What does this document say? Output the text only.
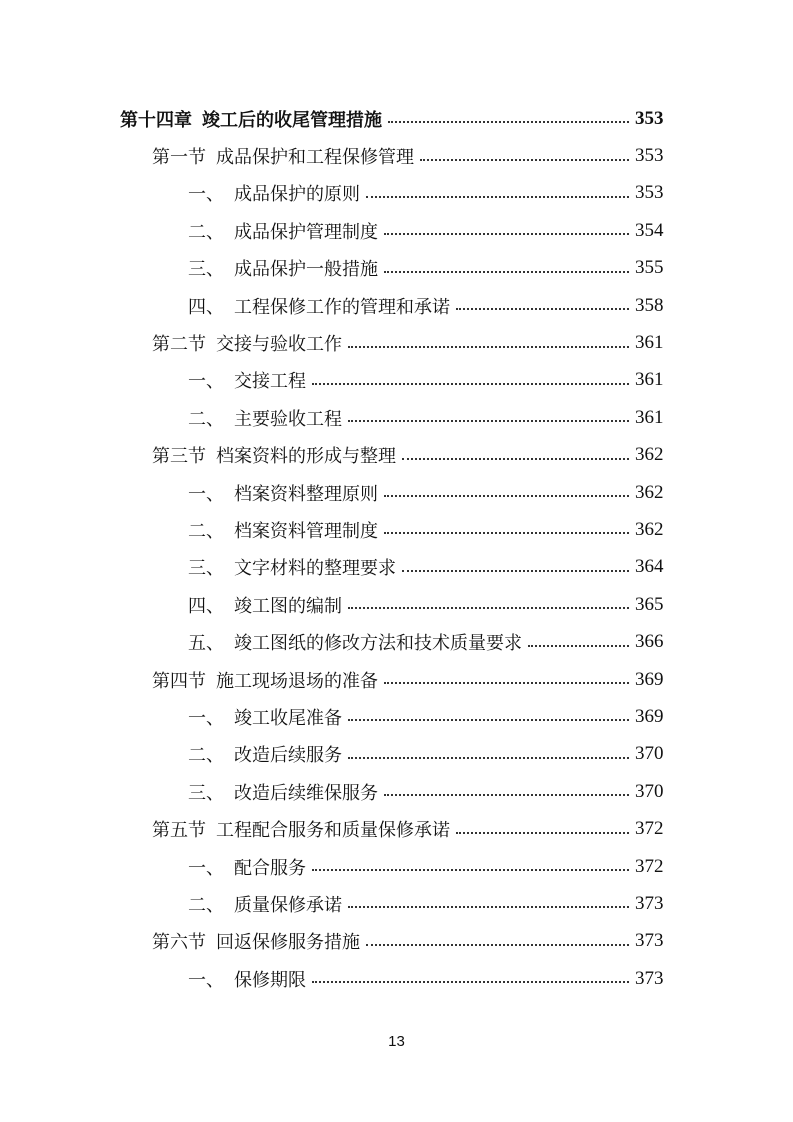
第十四章 竣工后的收尾管理措施	353
第一节 成品保护和工程保修管理	353
一、 成品保护的原则	353
二、 成品保护管理制度	354
三、 成品保护一般措施	355
四、 工程保修工作的管理和承诺	358
第二节 交接与验收工作	361
一、 交接工程	361
二、 主要验收工程	361
第三节 档案资料的形成与整理	362
一、 档案资料整理原则	362
二、 档案资料管理制度	362
三、 文字材料的整理要求	364
四、 竣工图的编制	365
五、 竣工图纸的修改方法和技术质量要求	366
第四节 施工现场退场的准备	369
一、 竣工收尾准备	369
二、 改造后续服务	370
三、 改造后续维保服务	370
第五节 工程配合服务和质量保修承诺	372
一、 配合服务	372
二、 质量保修承诺	373
第六节 回返保修服务措施	373
一、 保修期限	373
13
